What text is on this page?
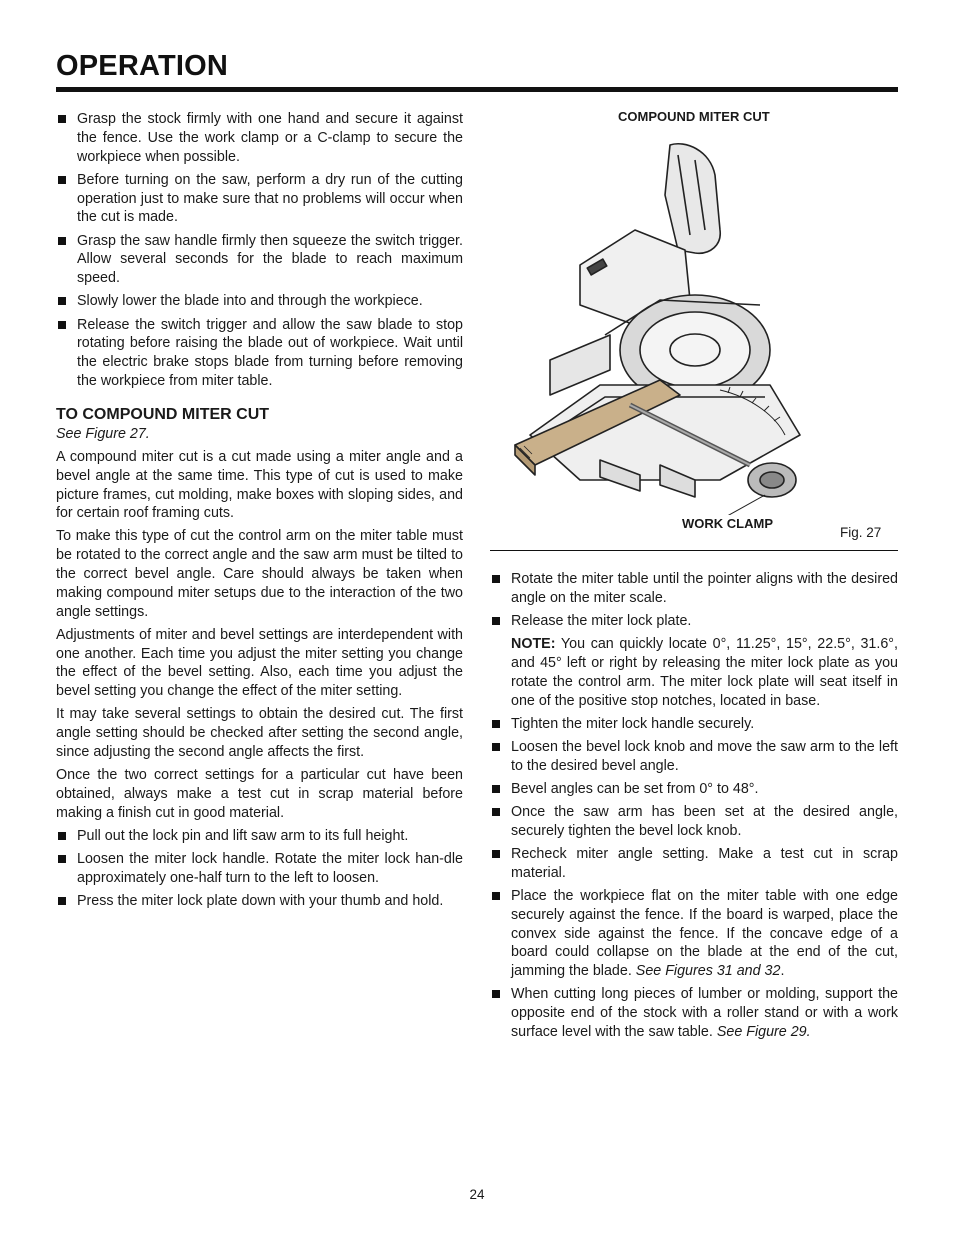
OPERATION
Grasp the stock firmly with one hand and secure it against the fence. Use the work clamp or a C-clamp to secure the workpiece when possible.
Before turning on the saw, perform a dry run of the cutting operation just to make sure that no problems will occur when the cut is made.
Grasp the saw handle firmly then squeeze the switch trigger. Allow several seconds for the blade to reach maximum speed.
Slowly lower the blade into and through the workpiece.
Release the switch trigger and allow the saw blade to stop rotating before raising the blade out of workpiece. Wait until the electric brake stops blade from turning before removing the workpiece from miter table.
TO COMPOUND MITER CUT
See Figure 27.
A compound miter cut is a cut made using a miter angle and a bevel angle at the same time. This type of cut is used to make picture frames, cut molding, make boxes with sloping sides, and for certain roof framing cuts.
To make this type of cut the control arm on the miter table must be rotated to the correct angle and the saw arm must be tilted to the correct bevel angle. Care should always be taken when making compound miter setups due to the interaction of the two angle settings.
Adjustments of miter and bevel settings are interdependent with one another. Each time you adjust the miter setting you change the effect of the bevel setting. Also, each time you adjust the bevel setting you change the effect of the miter setting.
It may take several settings to obtain the desired cut. The first angle setting should be checked after setting the second angle, since adjusting the second angle affects the first.
Once the two correct settings for a particular cut have been obtained, always make a test cut in scrap material before making a finish cut in good material.
Pull out the lock pin and lift saw arm to its full height.
Loosen the miter lock handle. Rotate the miter lock han-dle approximately one-half turn to the left to loosen.
Press the miter lock plate down with your thumb and hold.
COMPOUND MITER CUT
WORK CLAMP
Fig. 27
Rotate the miter table until the pointer aligns with the desired angle on the miter scale.
Release the miter lock plate.
NOTE: You can quickly locate 0°, 11.25°, 15°, 22.5°, 31.6°, and 45° left or right by releasing the miter lock plate as you rotate the control arm. The miter lock plate will seat itself in one of the positive stop notches, located in base.
Tighten the miter lock handle securely.
Loosen the bevel lock knob and move the saw arm to the left to the desired bevel angle.
Bevel angles can be set from 0° to 48°.
Once the saw arm has been set at the desired angle, securely tighten the bevel lock knob.
Recheck miter angle setting. Make a test cut in scrap material.
Place the workpiece flat on the miter table with one edge securely against the fence. If the board is warped, place the convex side against the fence. If the concave edge of a board could collapse on the blade at the end of the cut, jamming the blade. See Figures 31 and 32.
When cutting long pieces of lumber or molding, support the opposite end of the stock with a roller stand or with a work surface level with the saw table. See Figure 29.
24
